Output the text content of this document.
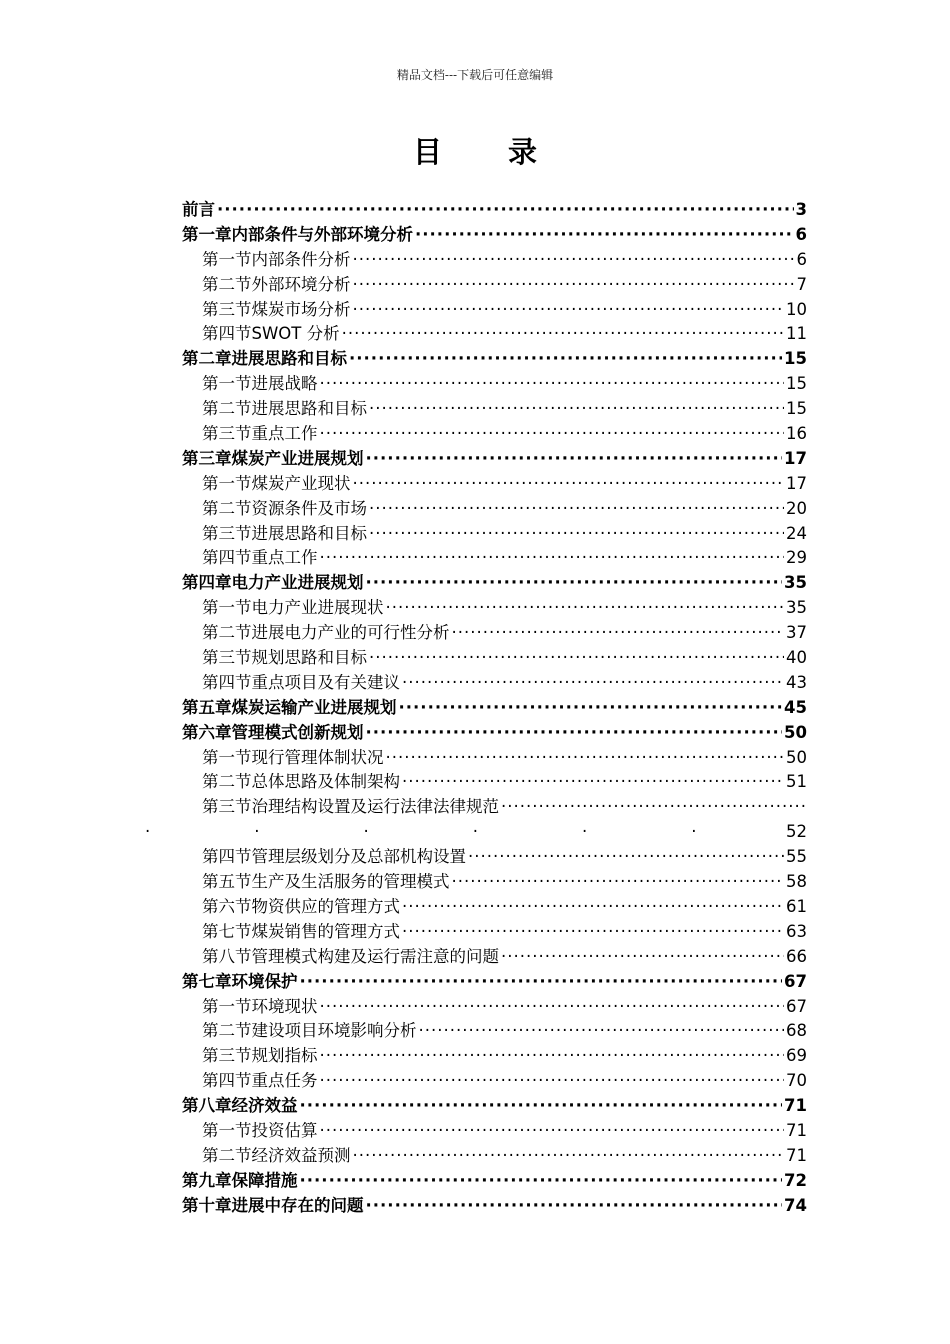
精品文档---下载后可任意编辑
目 录
前言 ·····	3
第一章 内部条件与外部环境分析 ·····	6
第一节 内部条件分析 ·····	6
第二节 外部环境分析 ·····	7
第三节 煤炭市场分析 ·····	10
第四节 SWOT 分析 ·····	11
第二章 进展思路和目标 ·····	15
第一节 进展战略 ·····	15
第二节 进展思路和目标 ·····	15
第三节 重点工作 ·····	16
第三章 煤炭产业进展规划 ·····	17
第一节 煤炭产业现状 ·····	17
第二节 资源条件及市场 ·····	20
第三节 进展思路和目标 ·····	24
第四节 重点工作 ·····	29
第四章 电力产业进展规划 ·····	35
第一节 电力产业进展现状 ·····	35
第二节 进展电力产业的可行性分析 ·····	37
第三节 规划思路和目标 ·····	40
第四节 重点项目及有关建议 ·····	43
第五章 煤炭运输产业进展规划 ·····	45
第六章 管理模式创新规划 ·····	50
第一节 现行管理体制状况 ·····	50
第二节 总体思路及体制架构 ·····	51
第三节 治理结构设置及运行法律法律规范
·····
·····
52
第四节 管理层级划分及总部机构设置 ·····	55
第五节 生产及生活服务的管理模式 ·····	58
第六节 物资供应的管理方式 ·····	61
第七节 煤炭销售的管理方式 ·····	63
第八节 管理模式构建及运行需注意的问题 ·····	66
第七章 环境保护 ·····	67
第一节 环境现状 ·····	67
第二节 建设项目环境影响分析 ·····	68
第三节 规划指标 ·····	69
第四节 重点任务 ·····	70
第八章 经济效益 ·····	71
第一节 投资估算 ·····	71
第二节 经济效益预测 ·····	71
第九章 保障措施 ·····	72
第十章 进展中存在的问题 ·····	74
